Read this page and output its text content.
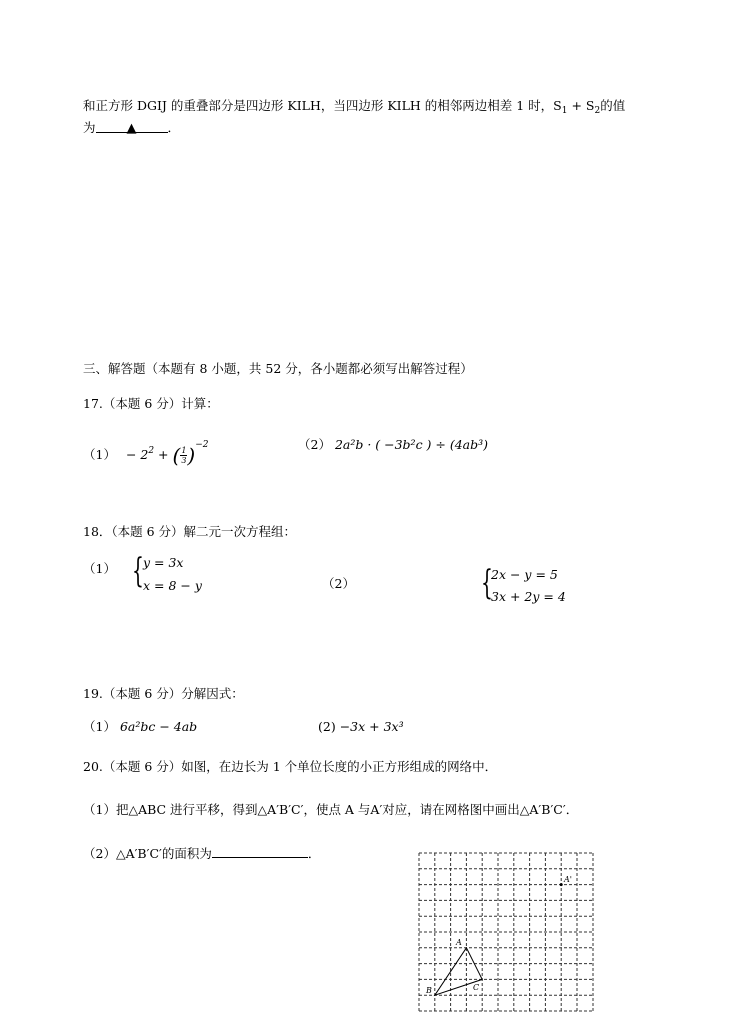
和正方形 DGIJ 的重叠部分是四边形 KILH，当四边形 KILH 的相邻两边相差 1 时，$S_1 + S_2$的值
为 ▲ ．
三、解答题（本题有 8 小题，共 52 分，各小题都必须写出解答过程）
17.（本题 6 分）计算：
$(1) - 2^2$ + ( $\frac{1}{3} )^{-2}$	（2） 2a²b · ( −3b²c ) ÷ (4ab³)
18．（本题 6 分）解二元一次方程组：
（1） { y = 3x
x = 8 − y	（2）	{
2x − y = 5
3x + 2y = 4
19.（本题 6 分）分解因式：
（1） 6a²bc − 4ab	(2) −3x + 3x³
20.（本题 6 分）如图，在边长为 1 个单位长度的小正方形组成的网络中．
（1）把△ABC 进行平移，得到△A′B′C′，使点 A 与A′对应，请在网格图中画出△A′B′C′．
（2）△A′B′C′的面积为	．
A
B	C
A'
